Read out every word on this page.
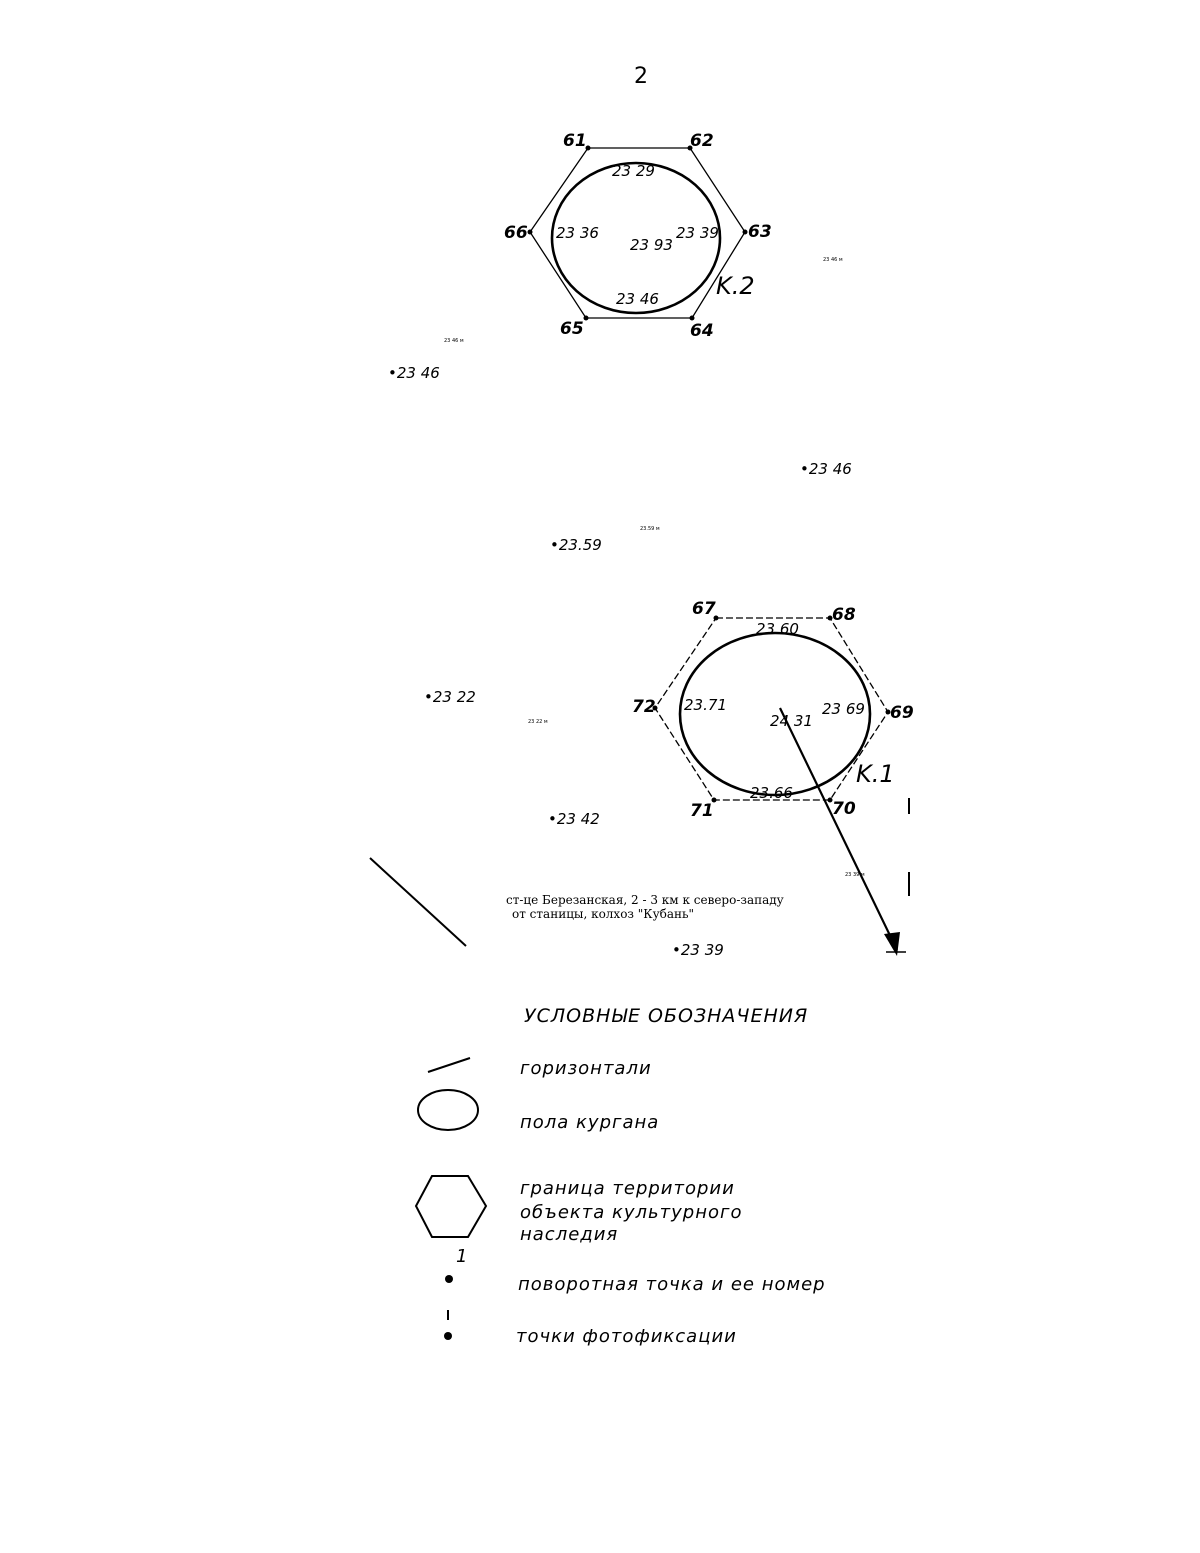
2
61	62
63
64
65
66
23 29
23 36
23 93
23 39
23 46 K.2
•23 46
•23 46
•23.59
•23 22
•23 42
•23 39
23 46 м
23 46 м
23.59 м
23 22 м
23 39 м
67	68
69
70
71
72
23 60
23.71
24 31
23 69
23.66
K.1
ст-це Березанская, 2 - 3 км к северо-западу
от станицы, колхоз "Кубань"
УСЛОВНЫЕ ОБОЗНАЧЕНИЯ
горизонтали
пола кургана
граница территории
объекта культурного
наследия
1
поворотная точка и ее номер
точки фотофиксации
